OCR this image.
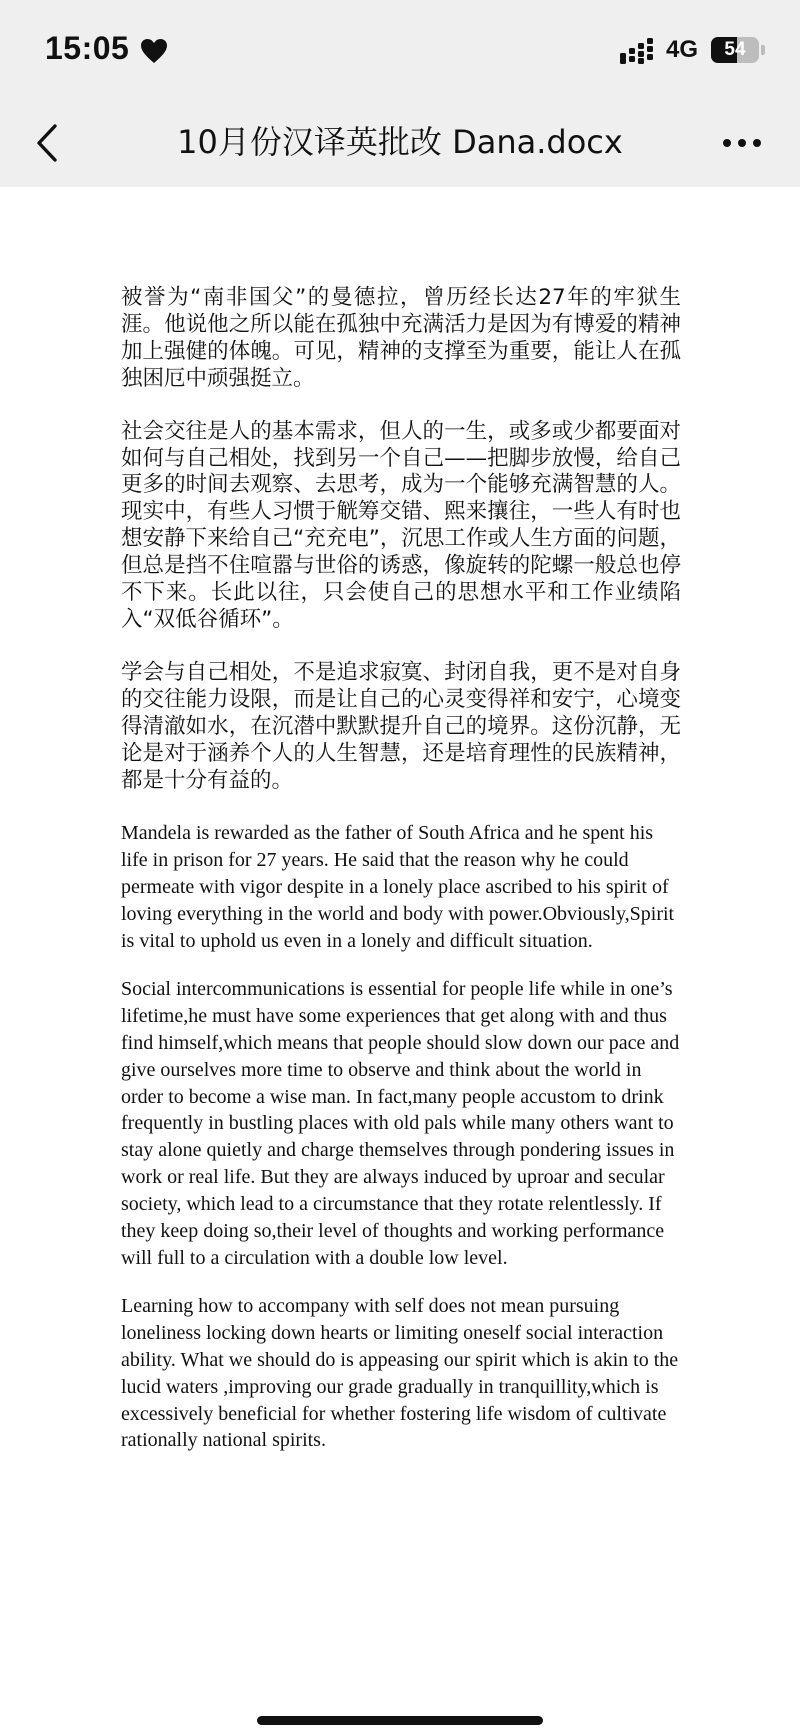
15:05	4G	54
10月份汉译英批改 Dana.docx

被誉为“南非国父”的曼德拉，曾历经长达27年的牢狱生涯。他说他之所以能在孤独中充满活力是因为有博爱的精神加上强健的体魄。可见，精神的支撑至为重要，能让人在孤独困厄中顽强挺立。

社会交往是人的基本需求，但人的一生，或多或少都要面对如何与自己相处，找到另一个自己——把脚步放慢，给自己更多的时间去观察、去思考，成为一个能够充满智慧的人。现实中，有些人习惯于觥筹交错、熙来攘往，一些人有时也想安静下来给自己“充充电”，沉思工作或人生方面的问题，但总是挡不住喧嚣与世俗的诱惑，像旋转的陀螺一般总也停不下来。长此以往，只会使自己的思想水平和工作业绩陷入“双低谷循环”。

学会与自己相处，不是追求寂寞、封闭自我，更不是对自身的交往能力设限，而是让自己的心灵变得祥和安宁，心境变得清澈如水，在沉潜中默默提升自己的境界。这份沉静，无论是对于涵养个人的人生智慧，还是培育理性的民族精神，都是十分有益的。

Mandela is rewarded as the father of South Africa and he spent his life in prison for 27 years. He said that the reason why he could permeate with vigor despite in a lonely place ascribed to his spirit of loving everything in the world and body with power.Obviously,Spirit is vital to uphold us even in a lonely and difficult situation.

Social intercommunications is essential for people life while in one’s lifetime,he must have some experiences that get along with and thus find himself,which means that people should slow down our pace and give ourselves more time to observe and think about the world in order to become a wise man. In fact,many people accustom to drink frequently in bustling places with old pals while many others want to stay alone quietly and charge themselves through pondering issues in work or real life. But they are always induced by uproar and secular society, which lead to a circumstance that they rotate relentlessly. If they keep doing so,their level of thoughts and working performance will full to a circulation with a double low level.

Learning how to accompany with self does not mean pursuing loneliness locking down hearts or limiting oneself social interaction ability. What we should do is appeasing our spirit which is akin to the lucid waters ,improving our grade gradually in tranquillity,which is excessively beneficial for whether fostering life wisdom of cultivate rationally national spirits.
